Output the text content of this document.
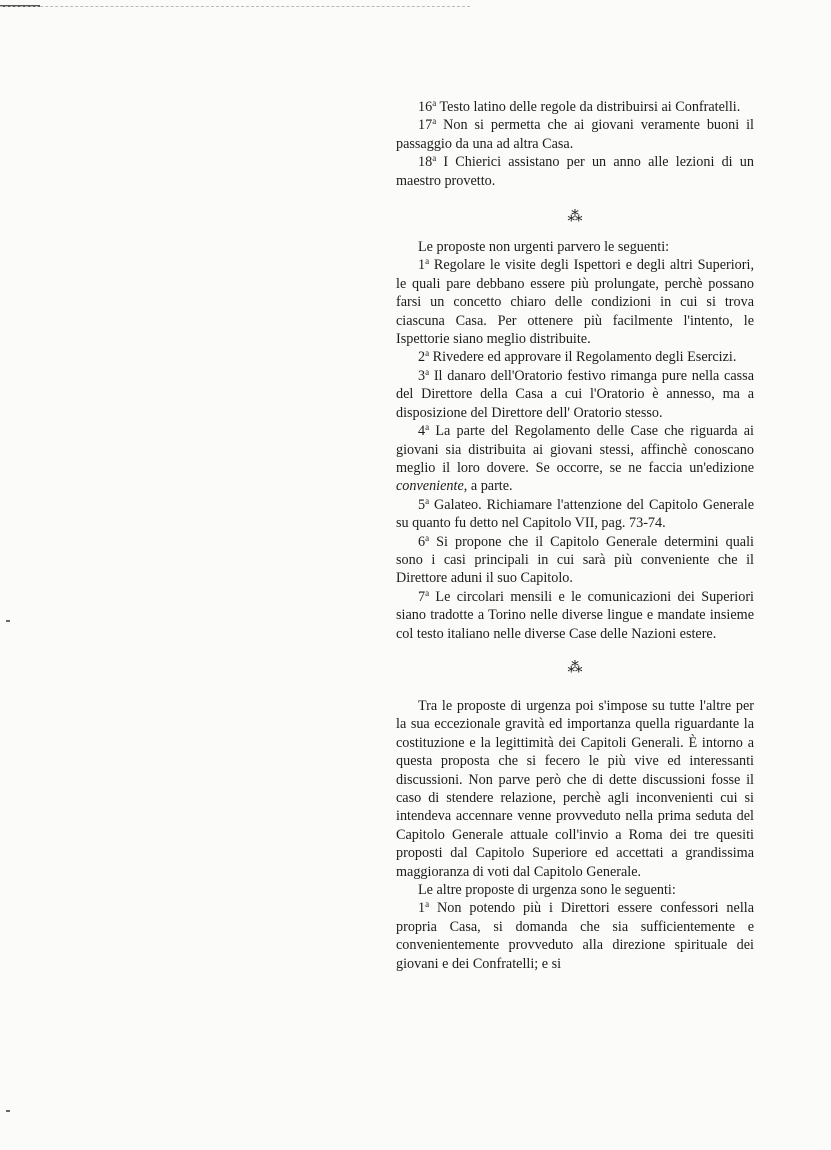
16$^a$ Testo latino delle regole da distribuirsi ai Confratelli.

17$^a$ Non si permetta che ai giovani veramente buoni il passaggio da una ad altra Casa.

18$^a$ I Chierici assistano per un anno alle lezioni di un maestro provetto.

⁂

Le proposte non urgenti parvero le seguenti:

1$^a$ Regolare le visite degli Ispettori e degli altri Superiori, le quali pare debbano essere più prolungate, perchè possano farsi un concetto chiaro delle condizioni in cui si trova ciascuna Casa. Per ottenere più facilmente l'intento, le Ispettorie siano meglio distribuite.

2$^a$ Rivedere ed approvare il Regolamento degli Esercizi.

3$^a$ Il danaro dell'Oratorio festivo rimanga pure nella cassa del Direttore della Casa a cui l'Oratorio è annesso, ma a disposizione del Direttore dell' Oratorio stesso.

4$^a$ La parte del Regolamento delle Case che riguarda ai giovani sia distribuita ai giovani stessi, affinchè conoscano meglio il loro dovere. Se occorre, se ne faccia un'edizione conveniente, a parte.

5$^a$ Galateo. Richiamare l'attenzione del Capitolo Generale su quanto fu detto nel Capitolo VII, pag. 73-74.

6$^a$ Si propone che il Capitolo Generale determini quali sono i casi principali in cui sarà più conveniente che il Direttore aduni il suo Capitolo.

7$^a$ Le circolari mensili e le comunicazioni dei Superiori siano tradotte a Torino nelle diverse lingue e mandate insieme col testo italiano nelle diverse Case delle Nazioni estere.

⁂

Tra le proposte di urgenza poi s'impose su tutte l'altre per la sua eccezionale gravità ed importanza quella riguardante la costituzione e la legittimità dei Capitoli Generali. È intorno a questa proposta che si fecero le più vive ed interessanti discussioni. Non parve però che di dette discussioni fosse il caso di stendere relazione, perchè agli inconvenienti cui si intendeva accennare venne provveduto nella prima seduta del Capitolo Generale attuale coll'invio a Roma dei tre quesiti proposti dal Capitolo Superiore ed accettati a grandissima maggioranza di voti dal Capitolo Generale.

Le altre proposte di urgenza sono le seguenti:

1$^a$ Non potendo più i Direttori essere confessori nella propria Casa, si domanda che sia sufficientemente e convenientemente provveduto alla direzione spirituale dei giovani e dei Confratelli; e si
